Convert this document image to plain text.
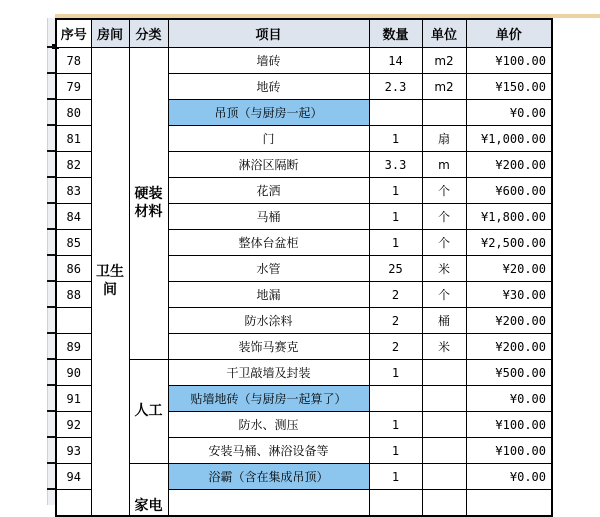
序号	房间	分类	项目	数量	单位	单价
78	卫生间	硬装材料	墙砖	14	m2	¥100.00
79			地砖	2.3	m2	¥150.00
80			吊顶（与厨房一起）			¥0.00
81			门	1	扇	¥1,000.00
82			淋浴区隔断	3.3	m	¥200.00
83			花洒	1	个	¥600.00
84			马桶	1	个	¥1,800.00
85			整体台盆柜	1	个	¥2,500.00
86			水管	25	米	¥20.00
88			地漏	2	个	¥30.00
			防水涂料	2	桶	¥200.00
89			装饰马赛克	2	米	¥200.00
90		人工	干卫敲墙及封装	1		¥500.00
91			贴墙地砖（与厨房一起算了）			¥0.00
92			防水、测压	1		¥100.00
93			安装马桶、淋浴设备等	1		¥100.00
94		家电	浴霸（含在集成吊顶）	1		¥0.00
